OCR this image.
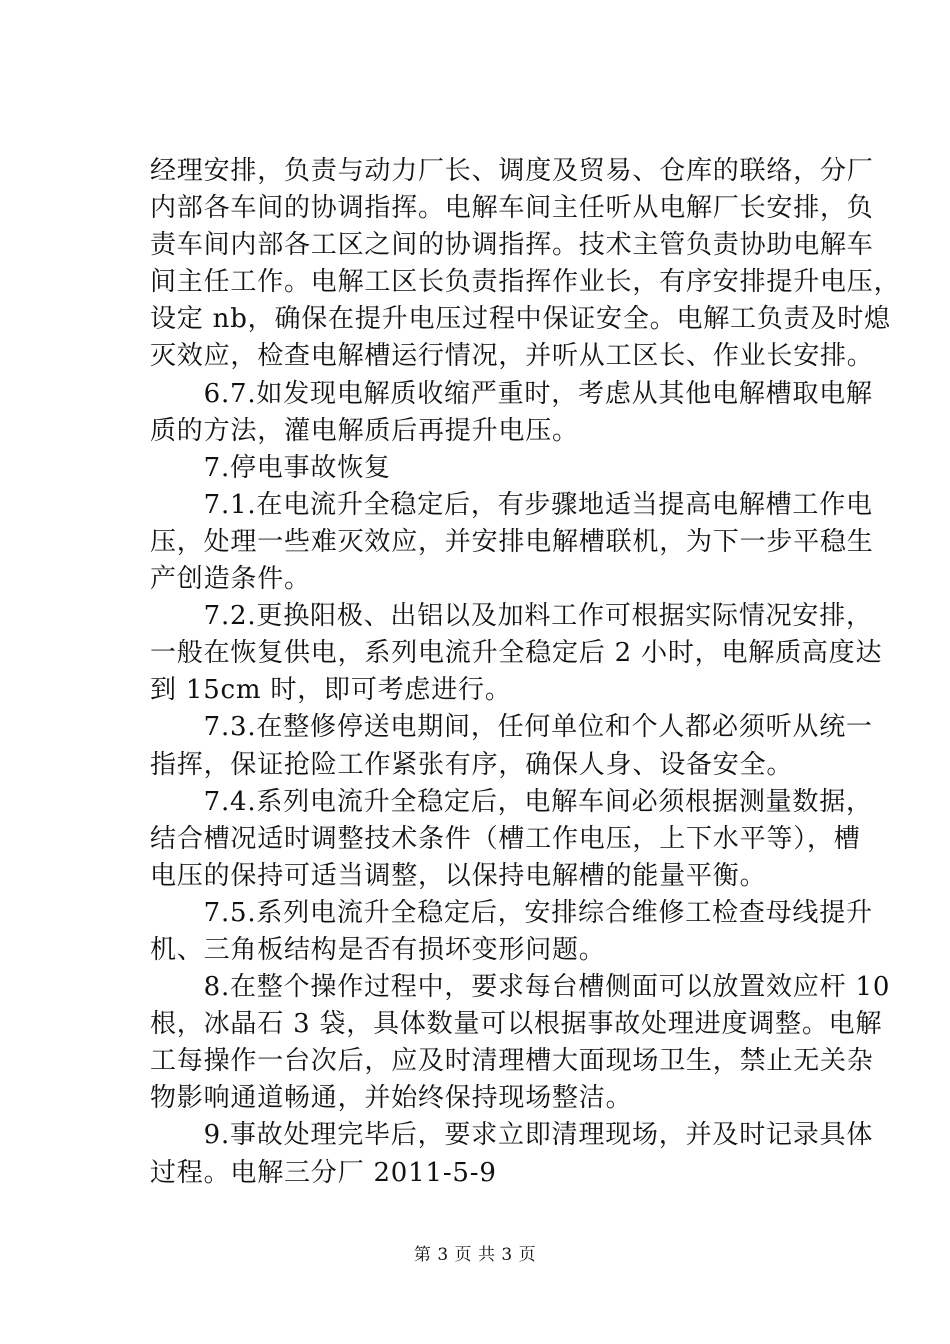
经理安排，负责与动力厂长、调度及贸易、仓库的联络，分厂
内部各车间的协调指挥。电解车间主任听从电解厂长安排，负
责车间内部各工区之间的协调指挥。技术主管负责协助电解车
间主任工作。电解工区长负责指挥作业长，有序安排提升电压，
设定 nb，确保在提升电压过程中保证安全。电解工负责及时熄
灭效应，检查电解槽运行情况，并听从工区长、作业长安排。
　　6.7.如发现电解质收缩严重时，考虑从其他电解槽取电解
质的方法，灌电解质后再提升电压。
　　7.停电事故恢复
　　7.1.在电流升全稳定后，有步骤地适当提高电解槽工作电
压，处理一些难灭效应，并安排电解槽联机，为下一步平稳生
产创造条件。
　　7.2.更换阳极、出铝以及加料工作可根据实际情况安排，
一般在恢复供电，系列电流升全稳定后 2 小时，电解质高度达
到 15cm 时，即可考虑进行。
　　7.3.在整修停送电期间，任何单位和个人都必须听从统一
指挥，保证抢险工作紧张有序，确保人身、设备安全。
　　7.4.系列电流升全稳定后，电解车间必须根据测量数据，
结合槽况适时调整技术条件（槽工作电压，上下水平等），槽
电压的保持可适当调整，以保持电解槽的能量平衡。
　　7.5.系列电流升全稳定后，安排综合维修工检查母线提升
机、三角板结构是否有损坏变形问题。
　　8.在整个操作过程中，要求每台槽侧面可以放置效应杆 10
根，冰晶石 3 袋，具体数量可以根据事故处理进度调整。电解
工每操作一台次后，应及时清理槽大面现场卫生，禁止无关杂
物影响通道畅通，并始终保持现场整洁。
　　9.事故处理完毕后，要求立即清理现场，并及时记录具体
过程。电解三分厂 2011-5-9
第 3 页 共 3 页
